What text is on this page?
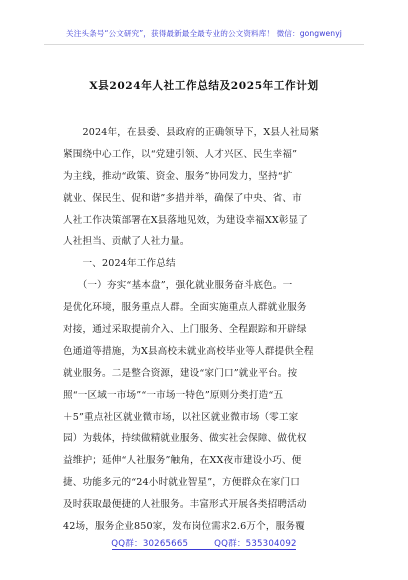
关注头条号“公文研究”，获得最新最全最专业的公文资料库！ 微信：gongwenyj
X县2024年人社工作总结及2025年工作计划
　　2024年，在县委、县政府的正确领导下，X县人社局紧
紧围绕中心工作，以“党建引领、人才兴区、民生幸福”
为主线，推动“政策、资金、服务”协同发力，坚持“扩
就业、保民生、促和谐”多措并举，确保了中央、省、市
人社工作决策部署在X县落地见效，为建设幸福XX彰显了
人社担当、贡献了人社力量。
　　一、2024年工作总结
　　（一）夯实“基本盘”，强化就业服务奋斗底色。一
是优化环境，服务重点人群。全面实施重点人群就业服务
对接，通过采取提前介入、上门服务、全程跟踪和开辟绿
色通道等措施，为X县高校未就业高校毕业等人群提供全程
就业服务。二是整合资源，建设“家门口”就业平台。按
照“一区域一市场”“一市场一特色”原则分类打造“五
＋5”重点社区就业微市场，以社区就业微市场（零工家
园）为载体，持续做精就业服务、做实社会保障、做优权
益维护；延伸“人社服务”触角，在XX夜市建设小巧、便
捷、功能多元的“24小时就业智星”，方便群众在家门口
及时获取最便捷的人社服务。丰富形式开展各类招聘活动
42场，服务企业850家，发布岗位需求2.6万个，服务覆
QQ群：30265665	QQ群：535304092
